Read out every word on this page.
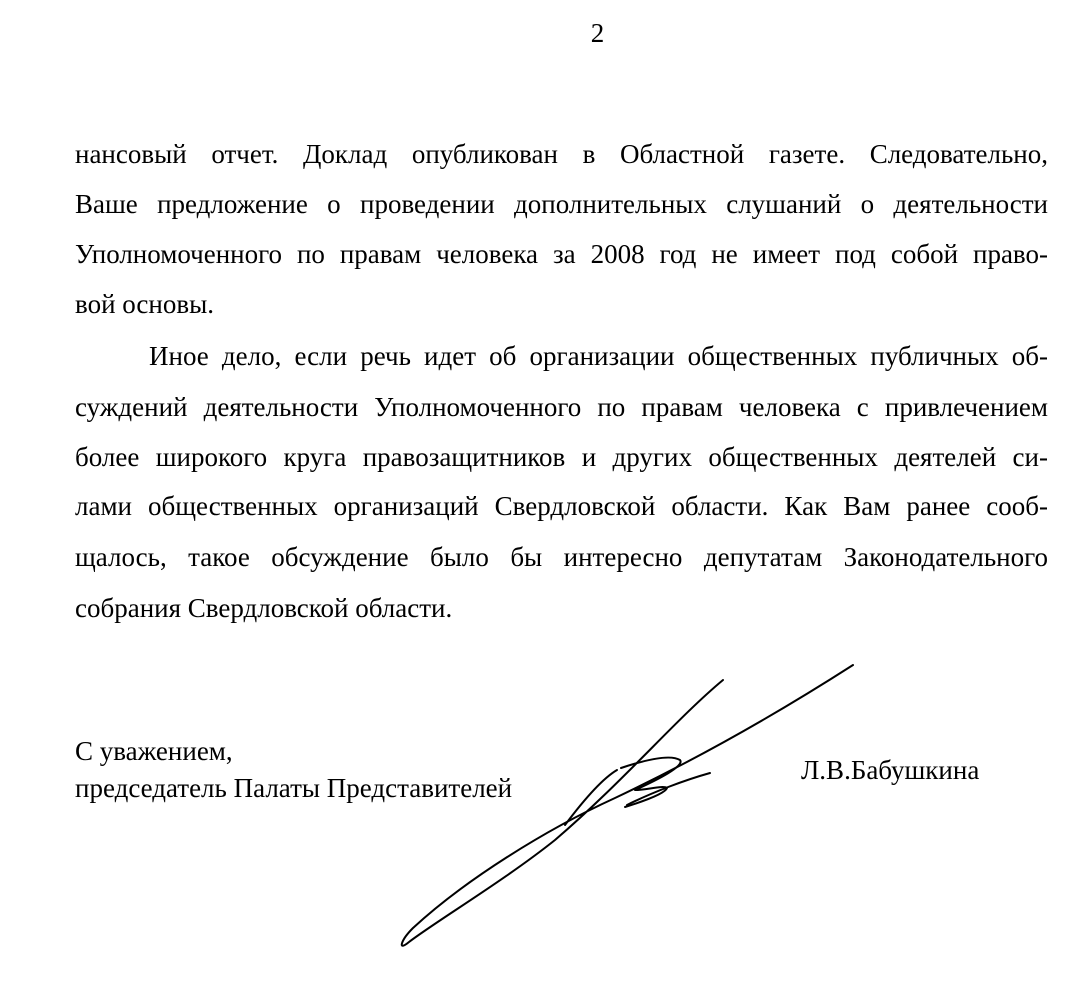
2
нансовый отчет. Доклад опубликован в Областной газете. Следовательно,
Ваше предложение о проведении дополнительных слушаний о деятельности
Уполномоченного по правам человека за 2008 год не имеет под собой право-
вой основы.
Иное дело, если речь идет об организации общественных публичных об-
суждений деятельности Уполномоченного по правам человека с привлечением
более широкого круга правозащитников и других общественных деятелей си-
лами общественных организаций Свердловской области. Как Вам ранее сооб-
щалось, такое обсуждение было бы интересно депутатам Законодательного
собрания Свердловской области.
С уважением,
председатель Палаты Представителей
Л.В.Бабушкина
